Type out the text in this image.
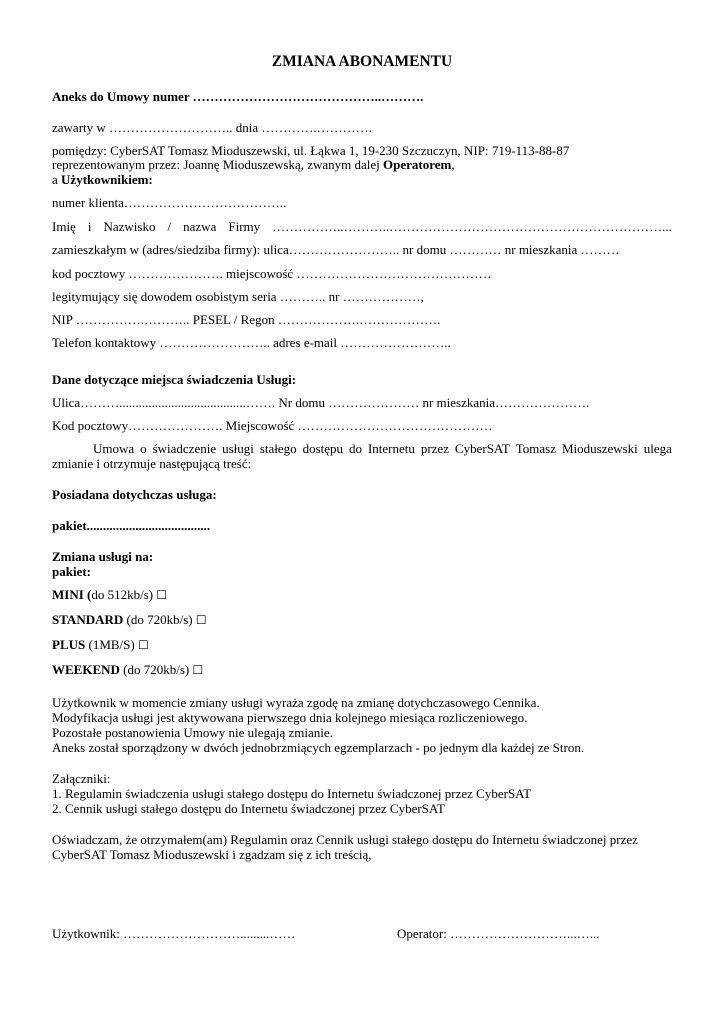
ZMIANA ABONAMENTU
Aneks do Umowy numer ……………………………………..……….
zawarty w ……………………….. dnia ………….………….
pomiędzy: CyberSAT Tomasz Mioduszewski, ul. Łąkwa 1, 19-230 Szczuczyn, NIP: 719-113-88-87
reprezentowanym przez: Joannę Mioduszewską, zwanym dalej Operatorem,
a Użytkownikiem:
numer klienta………………………………..
Imię i Nazwisko / nazwa Firmy ……………..………..………………………………………………………...
zamieszkałym w (adres/siedziba firmy): ulica…………………….. nr domu ………… nr mieszkania ………
kod pocztowy …………………. miejscowość ………………………………………
legitymujący się dowodem osobistym seria ……….. nr ………………,
NIP …………….……….. PESEL / Regon ……………….……………….
Telefon kontaktowy …………………….. adres e-mail ……………………..
Dane dotyczące miejsca świadczenia Usługi:
Ulica……….......................................……. Nr domu ………………… nr mieszkania………………….
Kod pocztowy…………………. Miejscowość ………………………………………
Umowa o świadczenie usługi stałego dostępu do Internetu przez CyberSAT Tomasz Mioduszewski ulega
zmianie i otrzymuje następującą treść:
Posiadana dotychczas usługa:
pakiet......................................
Zmiana usługi na:
pakiet:
MINI (do 512kb/s) ☐
STANDARD (do 720kb/s) ☐
PLUS (1MB/S) ☐
WEEKEND (do 720kb/s) ☐
Użytkownik w momencie zmiany usługi wyraża zgodę na zmianę dotychczasowego Cennika.
Modyfikacja usługi jest aktywowana pierwszego dnia kolejnego miesiąca rozliczeniowego.
Pozostałe postanowienia Umowy nie ulegają zmianie.
Aneks został sporządzony w dwóch jednobrzmiących egzemplarzach - po jednym dla każdej ze Stron.
Załączniki:
1. Regulamin świadczenia usługi stałego dostępu do Internetu świadczonej przez CyberSAT
2. Cennik usługi stałego dostępu do Internetu świadczonej przez CyberSAT
Oświadczam, że otrzymałem(am) Regulamin oraz Cennik usługi stałego dostępu do Internetu świadczonej przez
CyberSAT Tomasz Mioduszewski i zgadzam się z ich treścią,
Użytkownik: ……………………….........……	Operator: ………………………...…...
